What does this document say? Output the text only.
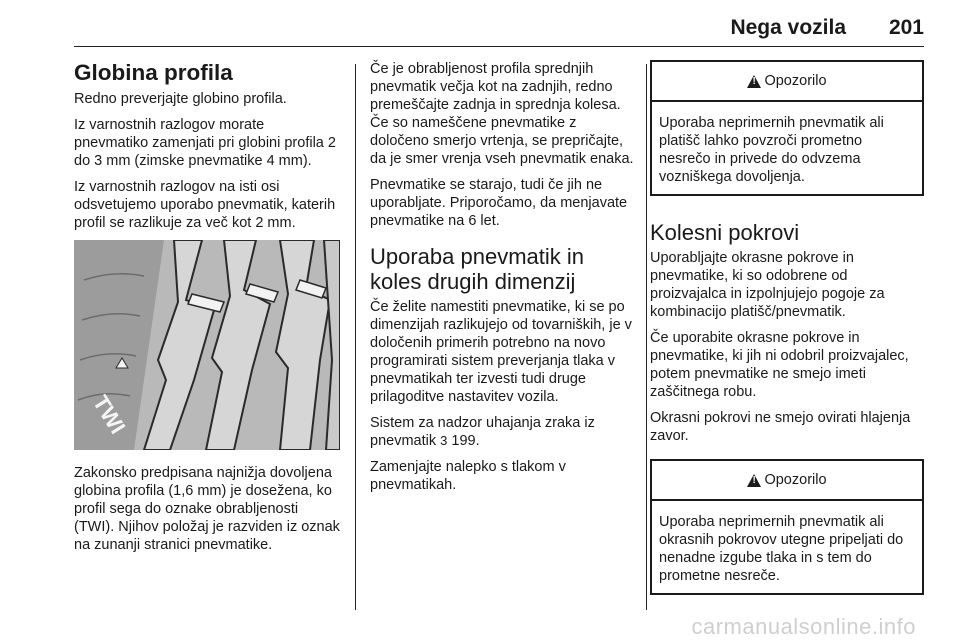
Nega vozila 201
Globina profila

Redno preverjajte globino profila.

Iz varnostnih razlogov morate pnevmatiko zamenjati pri globini profila 2 do 3 mm (zimske pnevmatike 4 mm).

Iz varnostnih razlogov na isti osi odsvetujemo uporabo pnevmatik, katerih profil se razlikuje za več kot 2 mm.

TWI

Zakonsko predpisana najnižja dovoljena globina profila (1,6 mm) je dosežena, ko profil sega do oznake obrabljenosti (TWI). Njihov položaj je razviden iz oznak na zunanji stranici pnevmatike.

Če je obrabljenost profila sprednjih pnevmatik večja kot na zadnjih, redno premeščajte zadnja in sprednja kolesa. Če so nameščene pnevmatike z določeno smerjo vrtenja, se prepričajte, da je smer vrenja vseh pnevmatik enaka.

Pnevmatike se starajo, tudi če jih ne uporabljate. Priporočamo, da menjavate pnevmatike na 6 let.

Uporaba pnevmatik in koles drugih dimenzij

Če želite namestiti pnevmatike, ki se po dimenzijah razlikujejo od tovarniških, je v določenih primerih potrebno na novo programirati sistem preverjanja tlaka v pnevmatikah ter izvesti tudi druge prilagoditve nastavitev vozila.

Sistem za nadzor uhajanja zraka iz pnevmatik 3 199.

Zamenjajte nalepko s tlakom v pnevmatikah.

!
Opozorilo

Uporaba neprimernih pnevmatik ali platišč lahko povzroči prometno nesrečo in privede do odvzema vozniškega dovoljenja.

Kolesni pokrovi

Uporabljajte okrasne pokrove in pnevmatike, ki so odobrene od proizvajalca in izpolnjujejo pogoje za kombinacijo platišč/pnevmatik.

Če uporabite okrasne pokrove in pnevmatike, ki jih ni odobril proizvajalec, potem pnevmatike ne smejo imeti zaščitnega robu.

Okrasni pokrovi ne smejo ovirati hlajenja zavor.

!
Opozorilo

Uporaba neprimernih pnevmatik ali okrasnih pokrovov utegne pripeljati do nenadne izgube tlaka in s tem do prometne nesreče.

carmanualsonline.info
